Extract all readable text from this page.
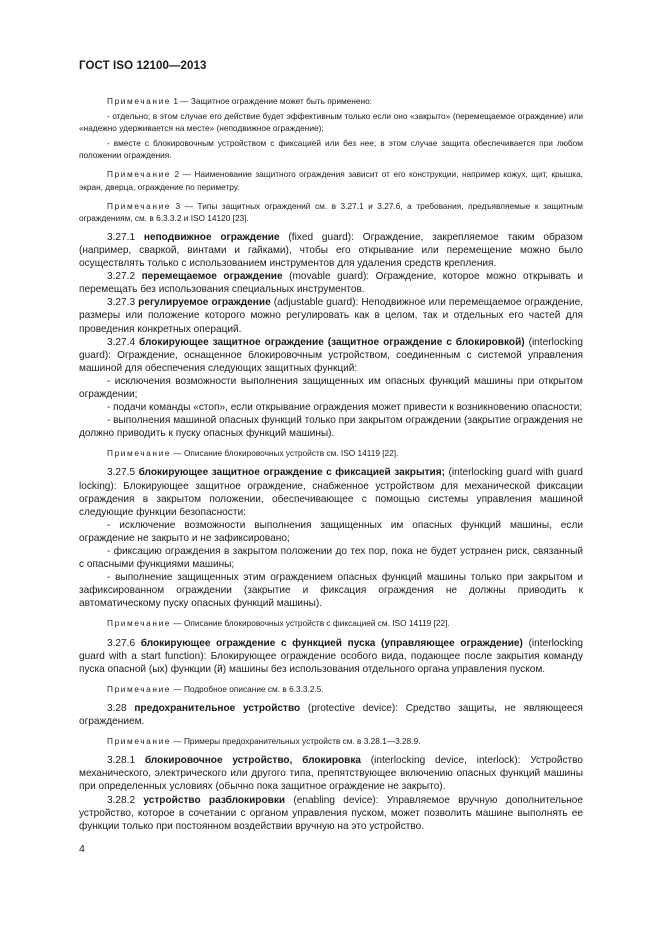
ГОСТ ISO 12100—2013

Примечание 1 — Защитное ограждение может быть применено:

- отдельно; в этом случае его действие будет эффективным только если оно «закрыто» (перемещаемое ограждение) или «надежно удерживается на месте» (неподвижное ограждение);

- вместе с блокировочным устройством с фиксацией или без нее; в этом случае защита обеспечивается при любом положении ограждения.

Примечание 2 — Наименование защитного ограждения зависит от его конструкции, например кожух, щит, крышка, экран, дверца, ограждение по периметру.

Примечание 3 — Типы защитных ограждений см. в 3.27.1 и 3.27.6, а требования, предъявляемые к защитным ограждениям, см. в 6.3.3.2 и ISO 14120 [23].

3.27.1 неподвижное ограждение (fixed guard): Ограждение, закрепляемое таким образом (например, сваркой, винтами и гайками), чтобы его открывание или перемещение можно было осуществлять только с использованием инструментов для удаления средств крепления.

3.27.2 перемещаемое ограждение (movable guard): Ограждение, которое можно открывать и перемещать без использования специальных инструментов.

3.27.3 регулируемое ограждение (adjustable guard): Неподвижное или перемещаемое ограждение, размеры или положение которого можно регулировать как в целом, так и отдельных его частей для проведения конкретных операций.

3.27.4 блокирующее защитное ограждение (защитное ограждение с блокировкой) (interlocking guard): Ограждение, оснащенное блокировочным устройством, соединенным с системой управления машиной для обеспечения следующих защитных функций:

- исключения возможности выполнения защищенных им опасных функций машины при открытом ограждении;

- подачи команды «стоп», если открывание ограждения может привести к возникновению опасности;

- выполнения машиной опасных функций только при закрытом ограждении (закрытие ограждения не должно приводить к пуску опасных функций машины).

Примечание — Описание блокировочных устройств см. ISO 14119 [22].

3.27.5 блокирующее защитное ограждение с фиксацией закрытия; (interlocking guard with guard locking): Блокирующее защитное ограждение, снабженное устройством для механической фиксации ограждения в закрытом положении, обеспечивающее с помощью системы управления машиной следующие функции безопасности:

- исключение возможности выполнения защищенных им опасных функций машины, если ограждение не закрыто и не зафиксировано;

- фиксацию ограждения в закрытом положении до тех пор, пока не будет устранен риск, связанный с опасными функциями машины;

- выполнение защищенных этим ограждением опасных функций машины только при закрытом и зафиксированном ограждении (закрытие и фиксация ограждения не должны приводить к автоматическому пуску опасных функций машины).

Примечание — Описание блокировочных устройств с фиксацией см. ISO 14119 [22].

3.27.6 блокирующее ограждение с функцией пуска (управляющее ограждение) (interlocking guard with a start function): Блокирующее ограждение особого вида, подающее после закрытия команду пуска опасной (ых) функции (й) машины без использования отдельного органа управления пуском.

Примечание — Подробное описание см. в 6.3.3.2.5.

3.28 предохранительное устройство (protective device): Средство защиты, не являющееся ограждением.

Примечание — Примеры предохранительных устройств см. в 3.28.1—3.28.9.

3.28.1 блокировочное устройство, блокировка (interlocking device, interlock): Устройство механического, электрического или другого типа, препятствующее включению опасных функций машины при определенных условиях (обычно пока защитное ограждение не закрыто).

3.28.2 устройство разблокировки (enabling device): Управляемое вручную дополнительное устройство, которое в сочетании с органом управления пуском, может позволить машине выполнять ее функции только при постоянном воздействии вручную на это устройство.

4
